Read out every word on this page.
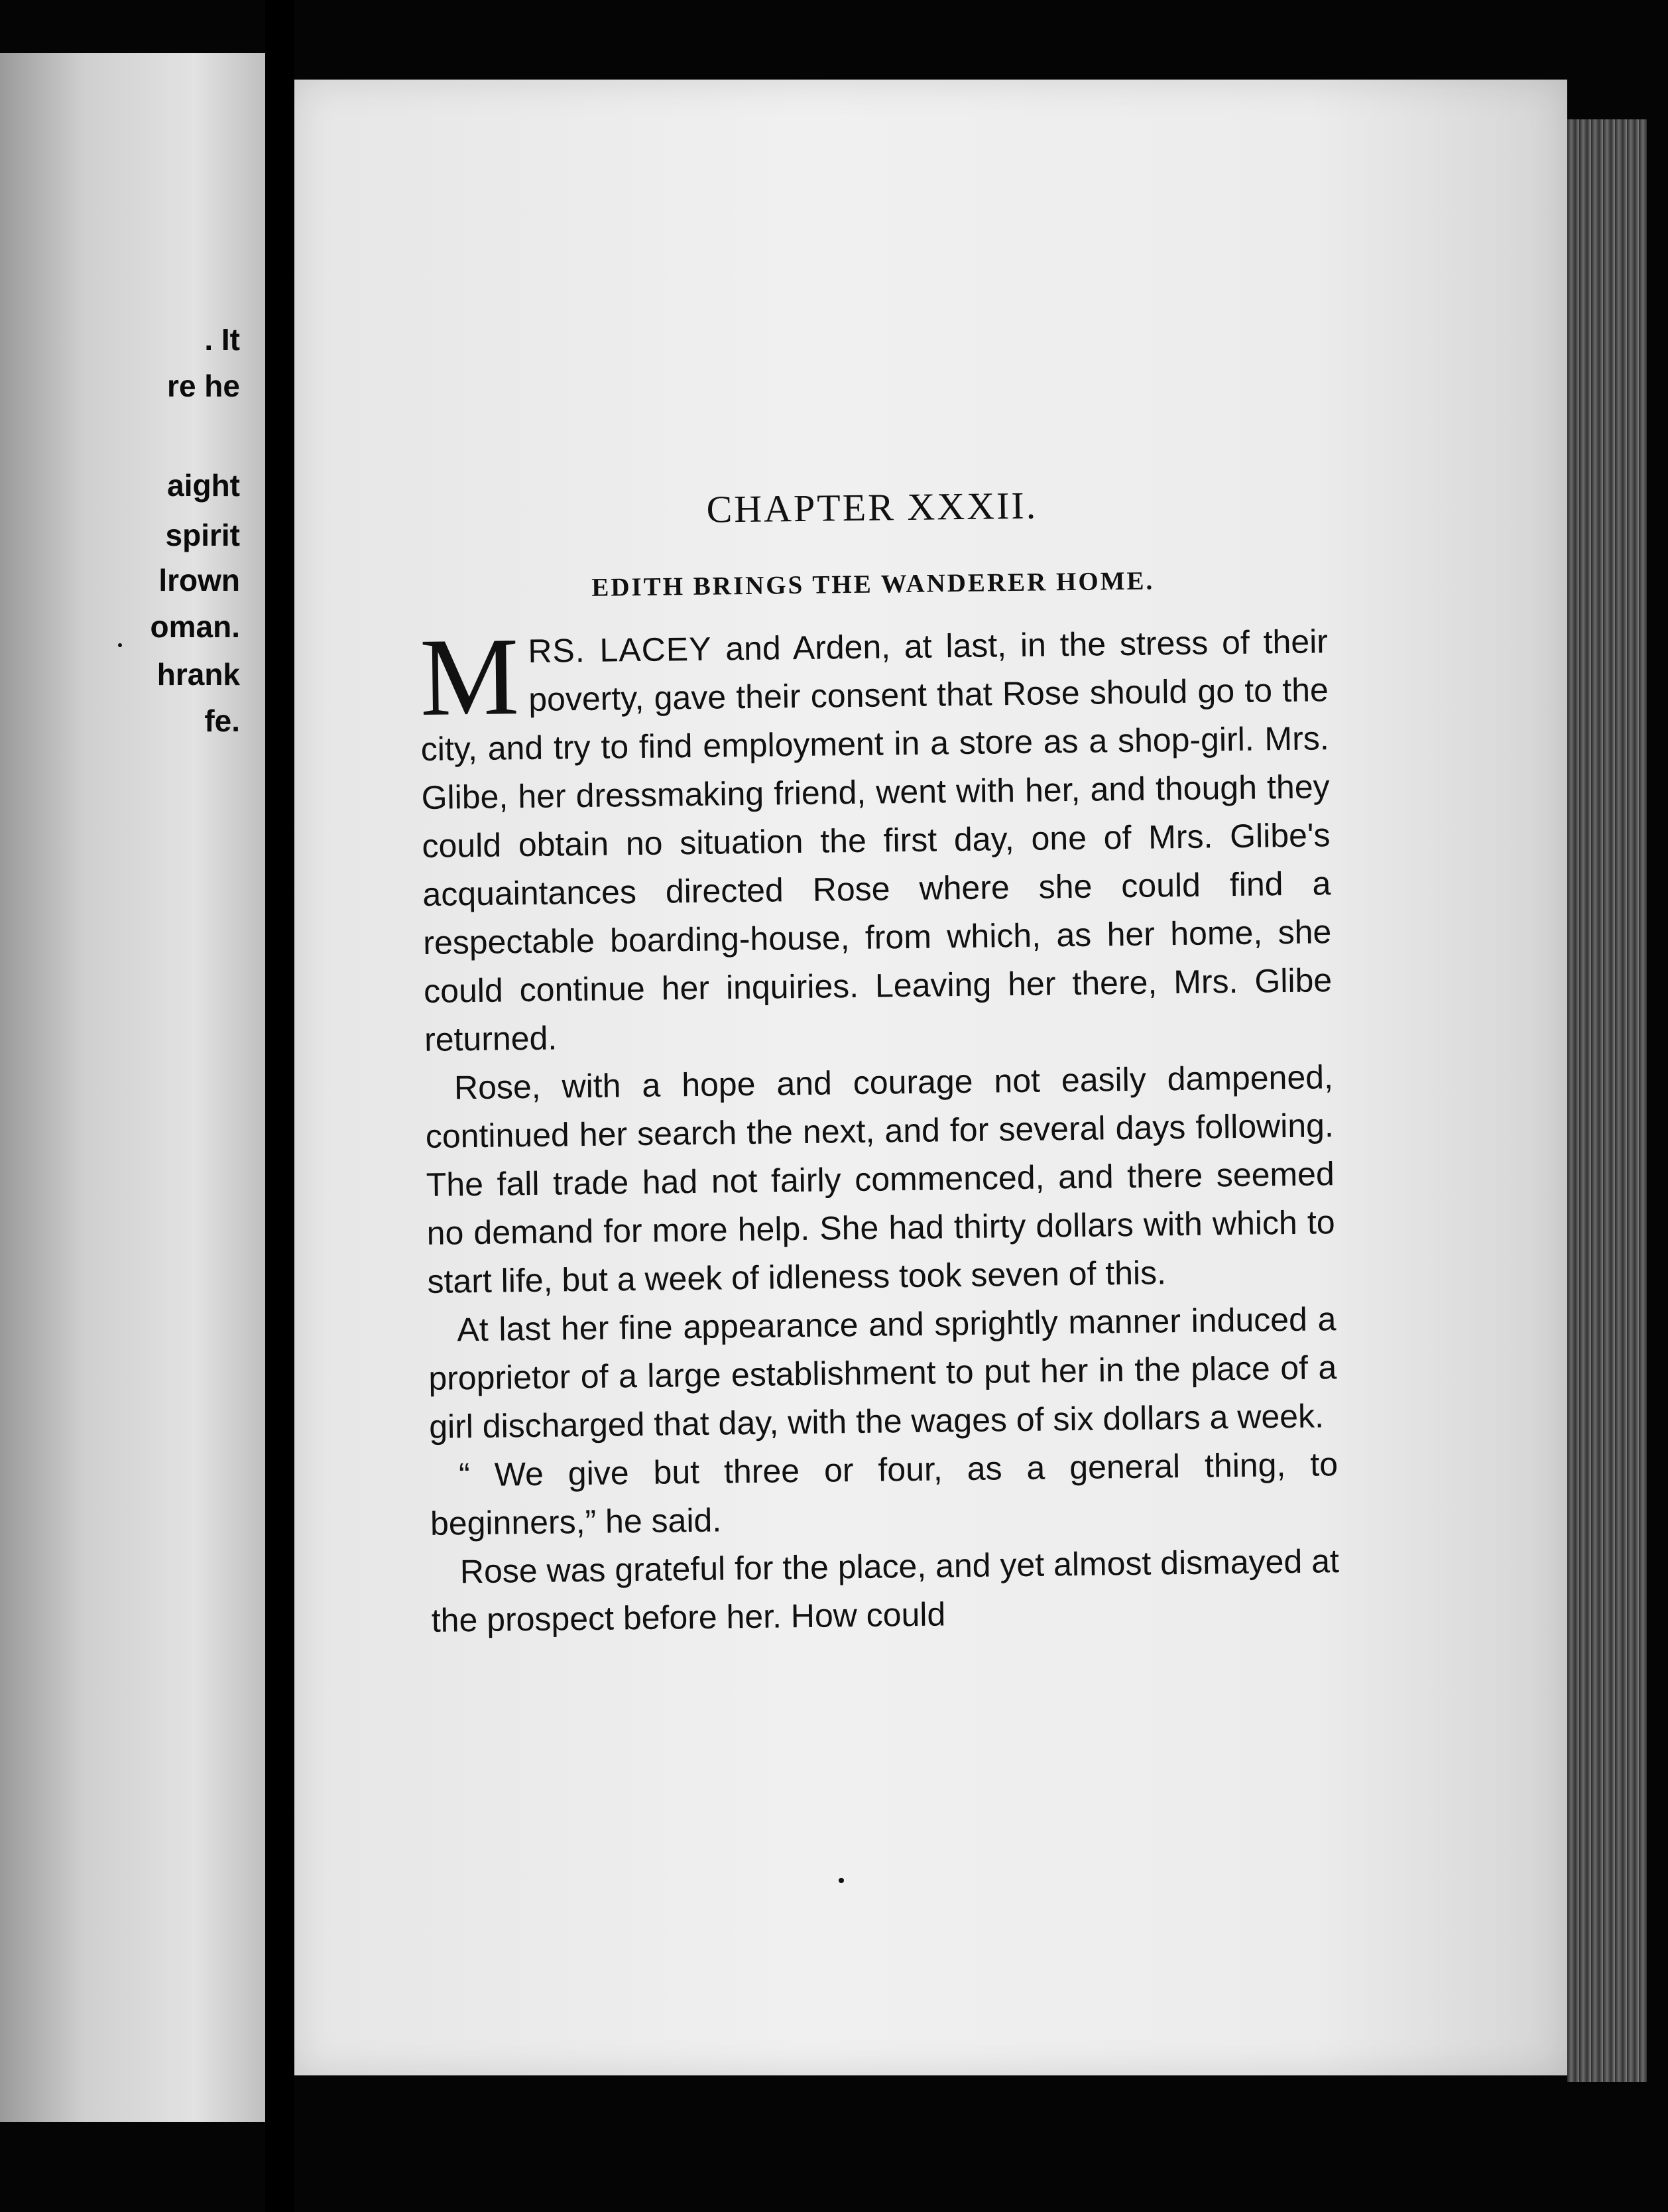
. It

re he

aight

spirit

lrown

oman.

hrank

fe.

CHAPTER XXXII.
EDITH BRINGS THE WANDERER HOME.

MRS. LACEY and Arden, at last, in the stress of their poverty, gave their consent that Rose should go to the city, and try to find employment in a store as a shop-girl. Mrs. Glibe, her dressmaking friend, went with her, and though they could obtain no situation the first day, one of Mrs. Glibe's acquaintances directed Rose where she could find a respectable boarding-house, from which, as her home, she could continue her inquiries. Leaving her there, Mrs. Glibe returned.

Rose, with a hope and courage not easily dampened, continued her search the next, and for several days following. The fall trade had not fairly commenced, and there seemed no demand for more help. She had thirty dollars with which to start life, but a week of idleness took seven of this.

At last her fine appearance and sprightly manner induced a proprietor of a large establishment to put her in the place of a girl discharged that day, with the wages of six dollars a week.

“ We give but three or four, as a general thing, to beginners,” he said.

Rose was grateful for the place, and yet almost dismayed at the prospect before her. How could
